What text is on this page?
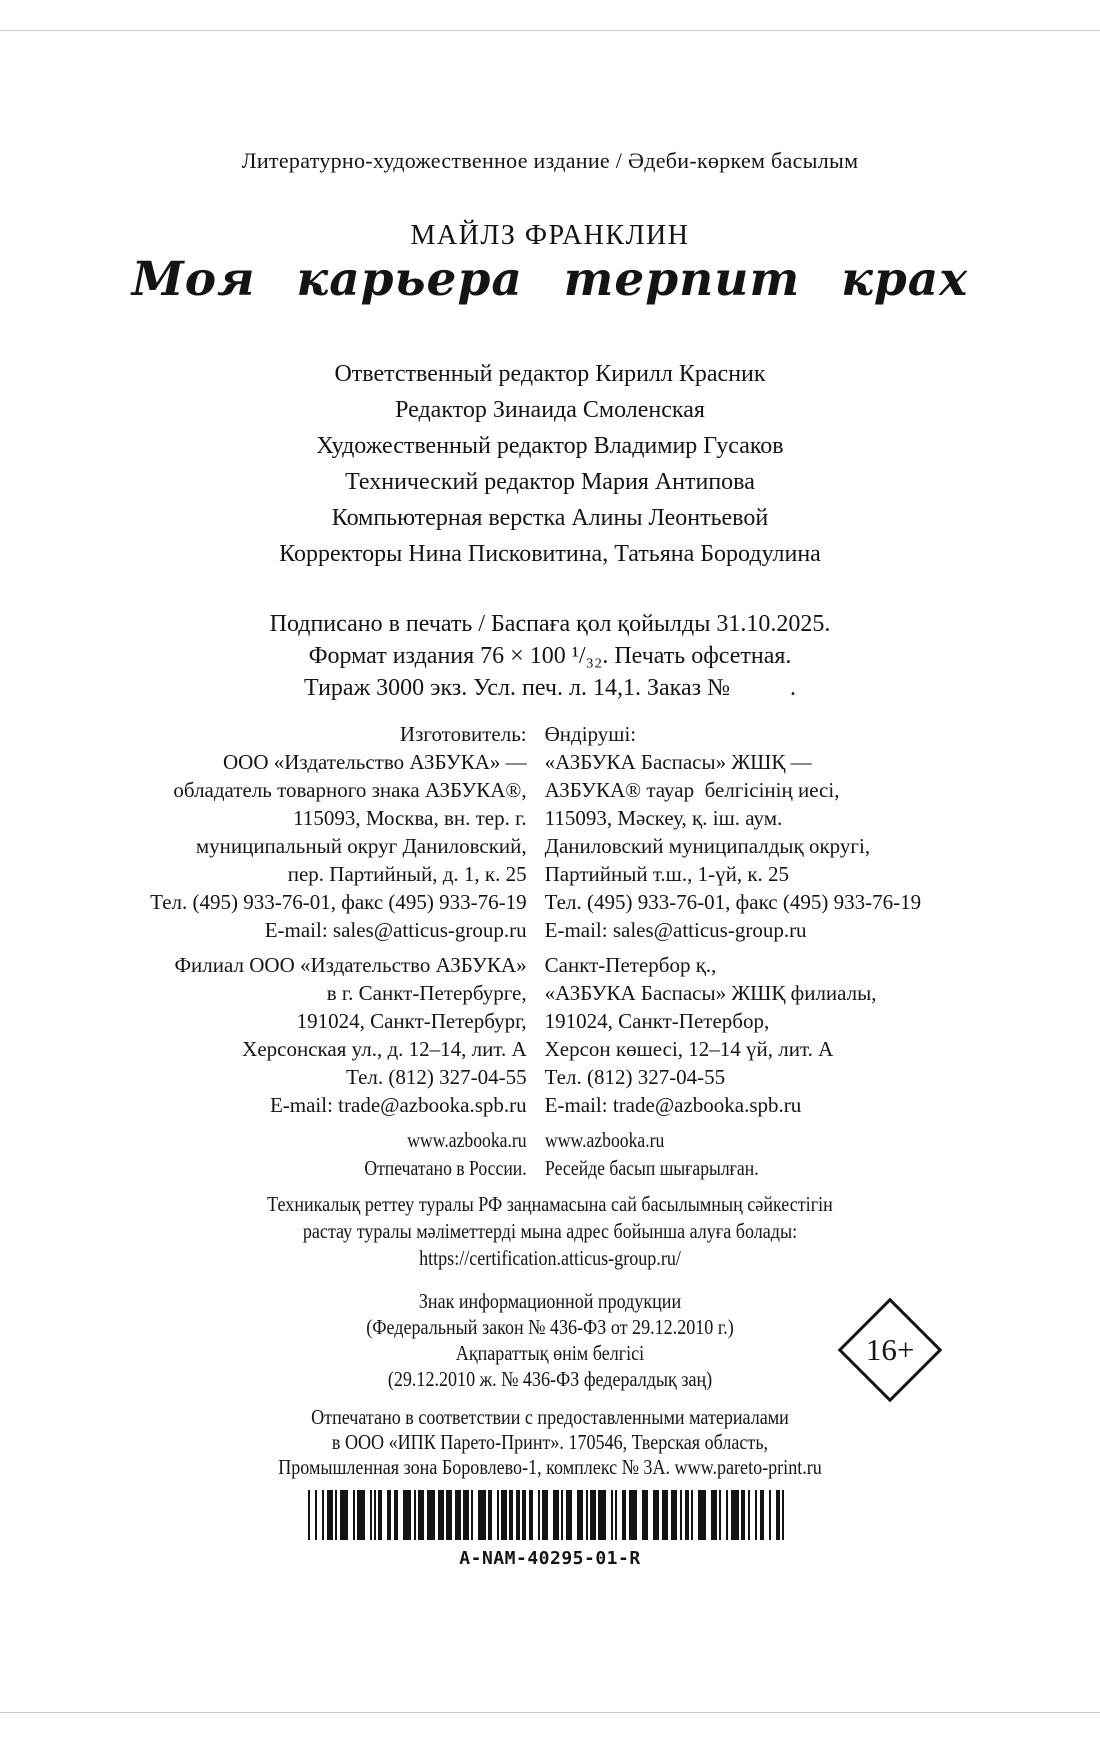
Литературно-художественное издание / Әдеби-көркем басылым
МАЙЛЗ ФРАНКЛИН
Моя карьера терпит крах
Ответственный редактор Кирилл Красник
Редактор Зинаида Смоленская
Художественный редактор Владимир Гусаков
Технический редактор Мария Антипова
Компьютерная верстка Алины Леонтьевой
Корректоры Нина Писковитина, Татьяна Бородулина
Подписано в печать / Баспаға қол қойылды 31.10.2025.
Формат издания 76 × 100 ¹/₃₂. Печать офсетная.
Тираж 3000 экз. Усл. печ. л. 14,1. Заказ №          .
Изготовитель:
ООО «Издательство АЗБУКА» —
обладатель товарного знака АЗБУКА®,
115093, Москва, вн. тер. г.
муниципальный округ Даниловский,
пер. Партийный, д. 1, к. 25
Тел. (495) 933-76-01, факс (495) 933-76-19
E-mail: sales@atticus-group.ru
Филиал ООО «Издательство АЗБУКА»
в г. Санкт-Петербурге,
191024, Санкт-Петербург,
Херсонская ул., д. 12–14, лит. А
Тел. (812) 327-04-55
E-mail: trade@azbooka.spb.ru
www.azbooka.ru
Отпечатано в России.
Өндіруші:
«АЗБУКА Баспасы» ЖШҚ —
АЗБУКА® тауар  белгісінің иесі,
115093, Мәскеу, қ. іш. аум.
Даниловский муниципалдық округі,
Партийный т.ш., 1-үй, к. 25
Тел. (495) 933-76-01, факс (495) 933-76-19
E-mail: sales@atticus-group.ru
Санкт-Петербор қ.,
«АЗБУКА Баспасы» ЖШҚ филиалы,
191024, Санкт-Петербор,
Херсон көшесі, 12–14 үй, лит. А
Тел. (812) 327-04-55
E-mail: trade@azbooka.spb.ru
www.azbooka.ru
Ресейде басып шығарылған.
Техникалық реттеу туралы РФ заңнамасына сай басылымның сәйкестігін
растау туралы мәліметтерді мына адрес бойынша алуға болады:
https://certification.atticus-group.ru/
Знак информационной продукции
(Федеральный закон № 436-ФЗ от 29.12.2010 г.)
Ақпараттық өнім белгісі
(29.12.2010 ж. № 436-ФЗ федералдық заң)
16+
Отпечатано в соответствии с предоставленными материалами
в ООО «ИПК Парето-Принт». 170546, Тверская область,
Промышленная зона Боровлево-1, комплекс № 3А. www.pareto-print.ru
A-NAM-40295-01-R
